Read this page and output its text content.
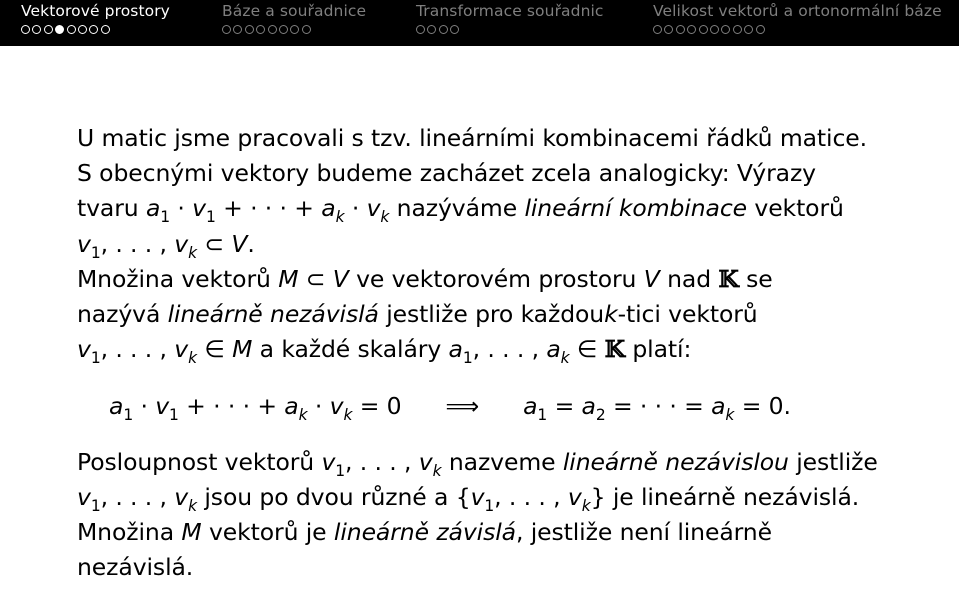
Vektorové prostory	Báze a souřadnice	Transformace souřadnic	Velikost vektorů a ortonormální báze

U matic jsme pracovali s tzv. lineárními kombinacemi řádků matice.
S obecnými vektory budeme zacházet zcela analogicky: Výrazy
tvaru $a_1 \cdot v_1$ + · · · + $a_k \cdot v_k$ nazýváme lineární kombinace vektorů
$v_1$, . . . , $v_k$ ⊂ V.

Množina vektorů M ⊂ V ve vektorovém prostoru V nad 𝕂 se
nazývá lineárně nezávislá jestliže pro každouk-tici vektorů
$v_1$, . . . , $v_k$ ∈ M a každé skaláry $a_1$, . . . , $a_k$ ∈ 𝕂 platí:

$a_1 \cdot v_1$ + · · · + $a_k \cdot v_k = 0$ ⟹ $a_1 = a_2$ = · · · = $a_k = 0$.

Posloupnost vektorů $v_1$, . . . , $v_k$ nazveme lineárně nezávislou jestliže
$v_1$, . . . , $v_k$ jsou po dvou různé a {$v_1$, . . . , $v_k$} je lineárně nezávislá.

Množina M vektorů je lineárně závislá, jestliže není lineárně
nezávislá.
